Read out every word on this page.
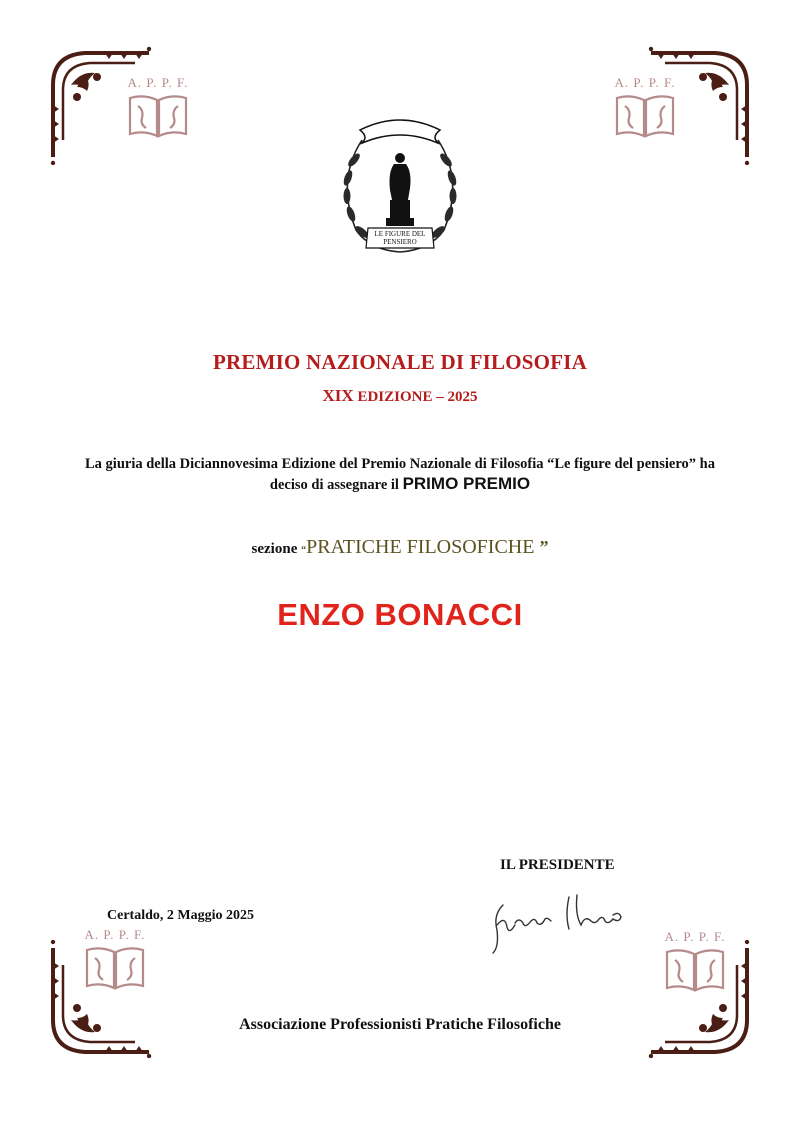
A. P. P. F.	A. P. P. F.
A. P. P. F.	A. P. P. F.
LE FIGURE DEL
PENSIERO
PREMIO NAZIONALE DI FILOSOFIA
XIX EDIZIONE – 2025
La giuria della Diciannovesima Edizione del Premio Nazionale di Filosofia “Le figure del pensiero” ha deciso di assegnare il PRIMO PREMIO
sezione “PRATICHE FILOSOFICHE ”
ENZO BONACCI
IL PRESIDENTE
Certaldo, 2 Maggio 2025
Associazione Professionisti Pratiche Filosofiche
